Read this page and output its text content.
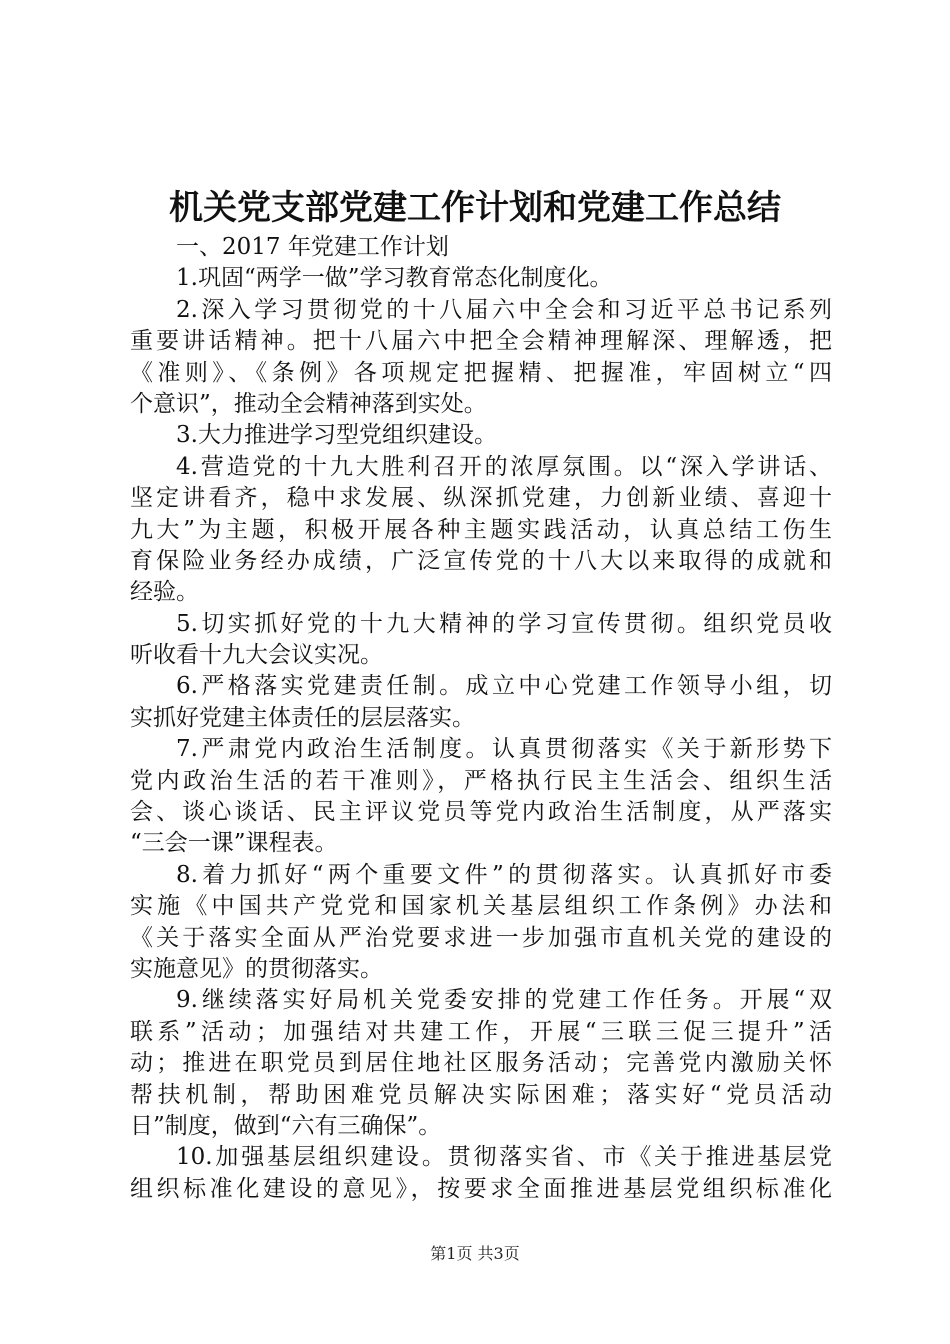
机关党支部党建工作计划和党建工作总结
一、2017 年党建工作计划
1.巩固“两学一做”学习教育常态化制度化。
2.深入学习贯彻党的十八届六中全会和习近平总书记系列
重要讲话精神。把十八届六中把全会精神理解深、理解透，把
《准则》、《条例》各项规定把握精、把握准，牢固树立“四
个意识”，推动全会精神落到实处。
3.大力推进学习型党组织建设。
4.营造党的十九大胜利召开的浓厚氛围。以“深入学讲话、
坚定讲看齐，稳中求发展、纵深抓党建，力创新业绩、喜迎十
九大”为主题，积极开展各种主题实践活动，认真总结工伤生
育保险业务经办成绩，广泛宣传党的十八大以来取得的成就和
经验。
5.切实抓好党的十九大精神的学习宣传贯彻。组织党员收
听收看十九大会议实况。
6.严格落实党建责任制。成立中心党建工作领导小组，切
实抓好党建主体责任的层层落实。
7.严肃党内政治生活制度。认真贯彻落实《关于新形势下
党内政治生活的若干准则》，严格执行民主生活会、组织生活
会、谈心谈话、民主评议党员等党内政治生活制度，从严落实
“三会一课”课程表。
8.着力抓好“两个重要文件”的贯彻落实。认真抓好市委
实施《中国共产党党和国家机关基层组织工作条例》办法和
《关于落实全面从严治党要求进一步加强市直机关党的建设的
实施意见》的贯彻落实。
9.继续落实好局机关党委安排的党建工作任务。开展“双
联系”活动；加强结对共建工作，开展“三联三促三提升”活
动；推进在职党员到居住地社区服务活动；完善党内激励关怀
帮扶机制，帮助困难党员解决实际困难；落实好“党员活动
日”制度，做到“六有三确保”。
10.加强基层组织建设。贯彻落实省、市《关于推进基层党
组织标准化建设的意见》，按要求全面推进基层党组织标准化
第1页 共3页
